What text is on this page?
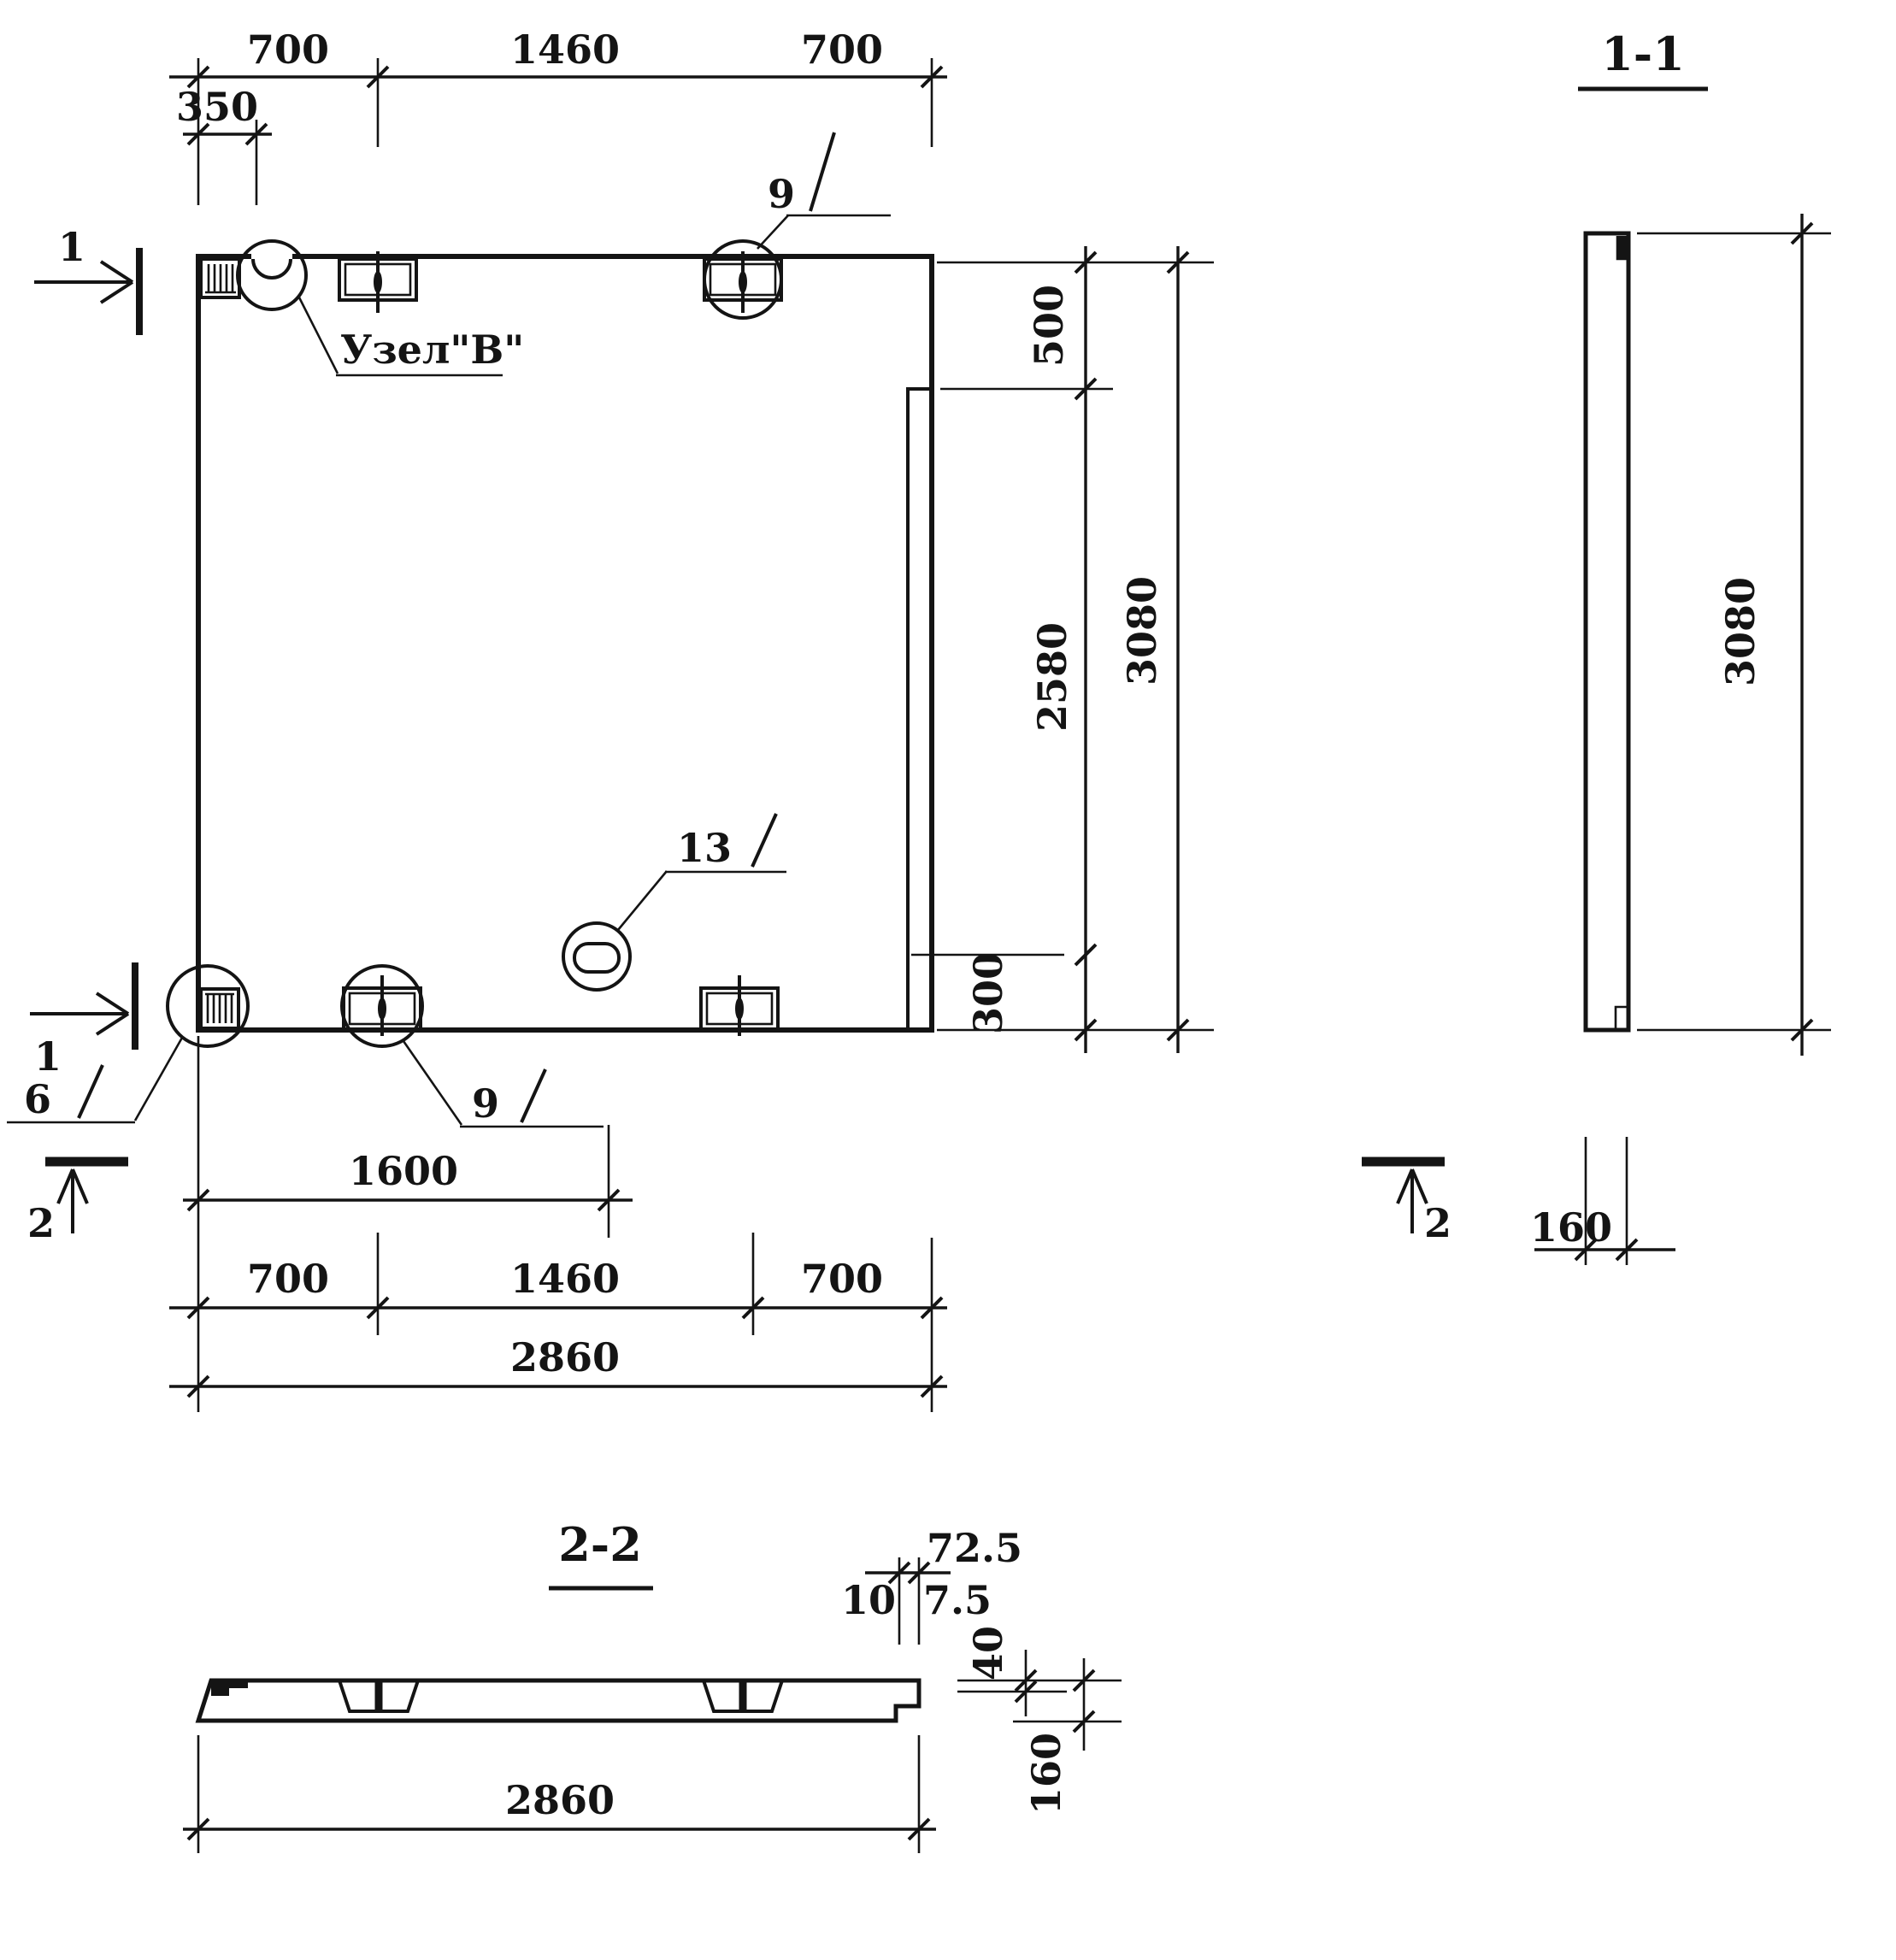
Узел"В"
9
13
6	9
1
1
2	2
700	1460	700
350
500
2580
300
3080
1600
700	1460	700
2860
1-1
3080
160
2-2	72.5
10 7.5
40
160
2860
